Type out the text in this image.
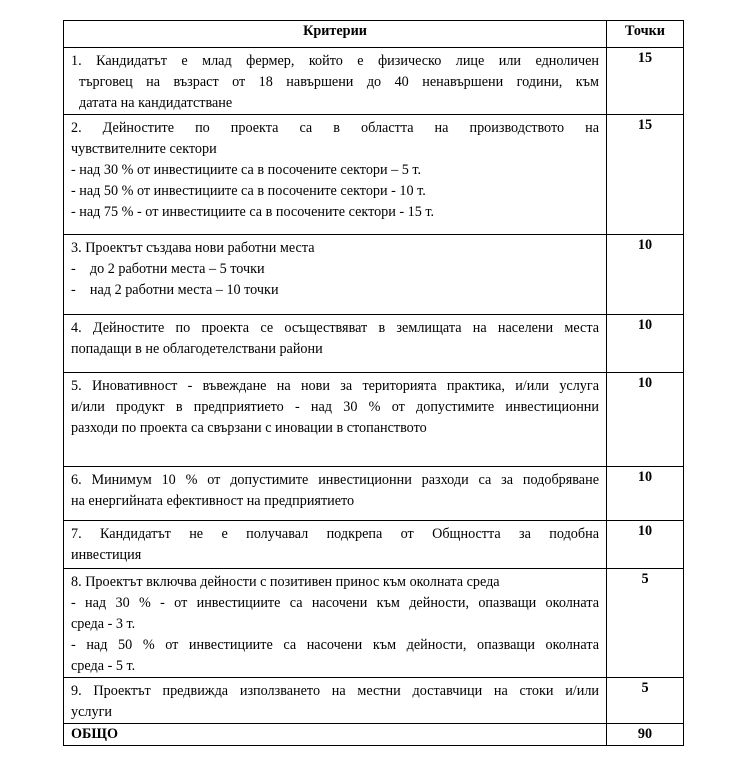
Критерии	Точки

1. Кандидатът е млад фермер, който е физическо лице или едноличен
търговец на възраст от 18 навършени до 40 ненавършени години, към
датата на кандидатстване	15

2. Дейностите по проекта са в областта на производството на
чувствителните сектори
- над 30 % от инвестициите са в посочените сектори – 5 т.
- над 50 % от инвестициите са в посочените сектори - 10 т.
- над 75 % - от инвестициите са в посочените сектори - 15 т.	15

3. Проектът създава нови работни места
-    до 2 работни места – 5 точки
-    над 2 работни места – 10 точки	10

4. Дейностите по проекта се осъществяват в землищата на населени места
попадащи в не облагодетелствани райони	10

5. Иновативност - въвеждане на нови за територията практика, и/или услуга
и/или продукт в предприятието - над 30 % от допустимите инвестиционни
разходи по проекта са свързани с иновации в стопанството	10

6. Минимум 10 % от допустимите инвестиционни разходи са за подобряване
на енергийната ефективност на предприятието	10

7. Кандидатът не е получавал подкрепа от Общността за подобна
инвестиция	10

8. Проектът включва дейности с позитивен принос към околната среда
- над 30 % - от инвестициите са насочени към дейности, опазващи околната
среда - 3 т.
- над 50 % от инвестициите са насочени към дейности, опазващи околната
среда - 5 т.	5

9. Проектът предвижда използването на местни доставчици на стоки и/или
услуги	5
ОБЩО	90
